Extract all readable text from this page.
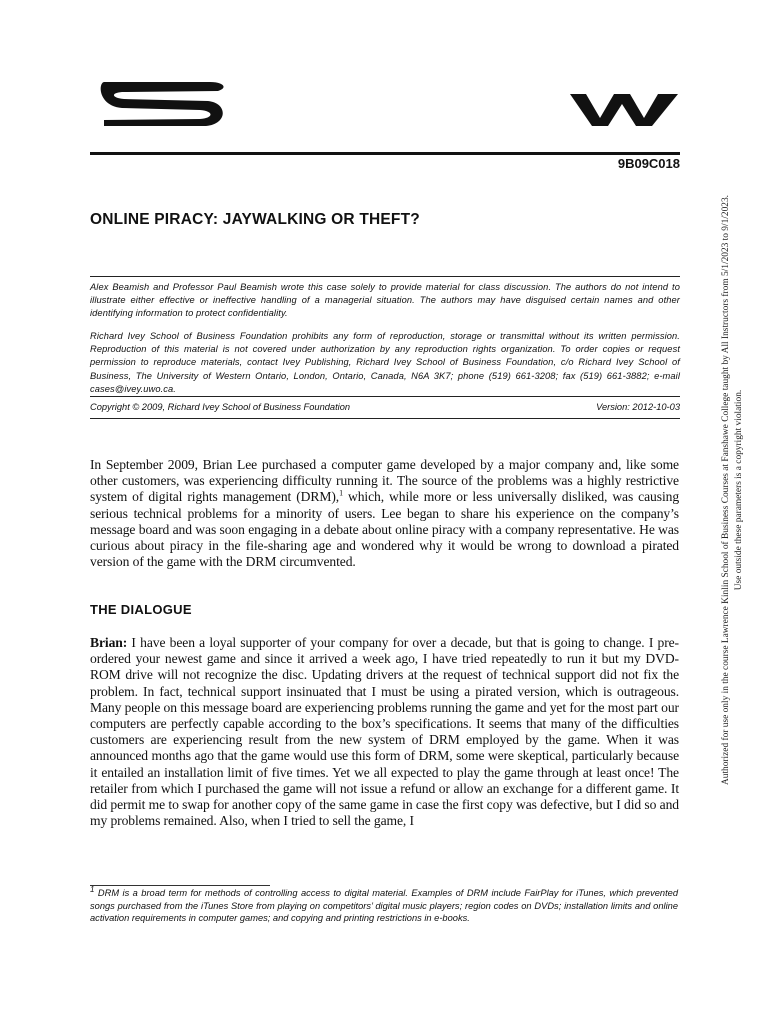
9B09C018
ONLINE PIRACY: JAYWALKING OR THEFT?
Alex Beamish and Professor Paul Beamish wrote this case solely to provide material for class discussion. The authors do not intend to illustrate either effective or ineffective handling of a managerial situation. The authors may have disguised certain names and other identifying information to protect confidentiality.
Richard Ivey School of Business Foundation prohibits any form of reproduction, storage or transmittal without its written permission. Reproduction of this material is not covered under authorization by any reproduction rights organization. To order copies or request permission to reproduce materials, contact Ivey Publishing, Richard Ivey School of Business Foundation, c/o Richard Ivey School of Business, The University of Western Ontario, London, Ontario, Canada, N6A 3K7; phone (519) 661-3208; fax (519) 661-3882; e-mail cases@ivey.uwo.ca.
Copyright © 2009, Richard Ivey School of Business Foundation	Version: 2012-10-03
In September 2009, Brian Lee purchased a computer game developed by a major company and, like some other customers, was experiencing difficulty running it. The source of the problems was a highly restrictive system of digital rights management (DRM),$^1$ which, while more or less universally disliked, was causing serious technical problems for a minority of users. Lee began to share his experience on the company’s message board and was soon engaging in a debate about online piracy with a company representative. He was curious about piracy in the file-sharing age and wondered why it would be wrong to download a pirated version of the game with the DRM circumvented.
THE DIALOGUE
Brian: I have been a loyal supporter of your company for over a decade, but that is going to change. I pre- ordered your newest game and since it arrived a week ago, I have tried repeatedly to run it but my DVD- ROM drive will not recognize the disc. Updating drivers at the request of technical support did not fix the problem. In fact, technical support insinuated that I must be using a pirated version, which is outrageous. Many people on this message board are experiencing problems running the game and yet for the most part our computers are perfectly capable according to the box’s specifications. It seems that many of the difficulties customers are experiencing result from the new system of DRM employed by the game. When it was announced months ago that the game would use this form of DRM, some were skeptical, particularly because it entailed an installation limit of five times. Yet we all expected to play the game through at least once! The retailer from which I purchased the game will not issue a refund or allow an exchange for a different game. It did permit me to swap for another copy of the same game in case the first copy was defective, but I did so and my problems remained. Also, when I tried to sell the game, I
$^1$ DRM is a broad term for methods of controlling access to digital material. Examples of DRM include FairPlay for iTunes, which prevented songs purchased from the iTunes Store from playing on competitors’ digital music players; region codes on DVDs; installation limits and online activation requirements in computer games; and copying and printing restrictions in e-books.
Authorized for use only in the course Lawrence Kinlin School of Business Courses at Fanshawe College taught by All Instructors from 5/1/2023 to 9/1/2023. Use outside these parameters is a copyright violation.
